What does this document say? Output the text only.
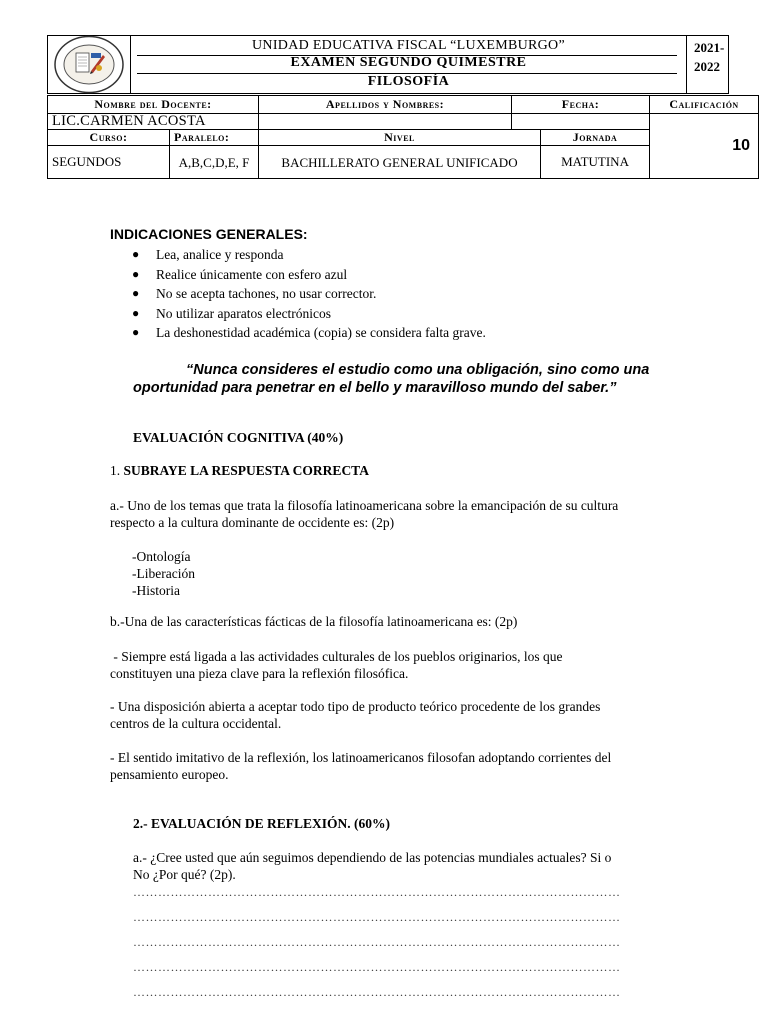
UNIDAD EDUCATIVA FISCAL “LUXEMBURGO”
EXAMEN SEGUNDO QUIMESTRE
FILOSOFÍA
2021-
2022
Nombre del Docente:		Apellidos y Nombres:	Fecha:		Calificación
LIC.CARMEN ACOSTA					10
Curso:	Paralelo:	Nivel		Jornada	
SEGUNDOS	A,B,C,D,E, F	BACHILLERATO GENERAL UNIFICADO		MATUTINA	
INDICACIONES GENERALES:
● Lea, analice y responda
● Realice únicamente con esfero azul
● No se acepta tachones, no usar corrector.
● No utilizar aparatos electrónicos
● La deshonestidad académica (copia) se considera falta grave.
“Nunca consideres el estudio como una obligación, sino como una
oportunidad para penetrar en el bello y maravilloso mundo del saber.”
EVALUACIÓN COGNITIVA (40%)
1. SUBRAYE LA RESPUESTA CORRECTA

a.- Uno de los temas que trata la filosofía latinoamericana sobre la emancipación de su cultura

respecto a la cultura dominante de occidente es: (2p)

-Ontología

-Liberación

-Historia

b.-Una de las características fácticas de la filosofía latinoamericana es: (2p)

- Siempre está ligada a las actividades culturales de los pueblos originarios, los que

constituyen una pieza clave para la reflexión filosófica.

- Una disposición abierta a aceptar todo tipo de producto teórico procedente de los grandes

centros de la cultura occidental.

- El sentido imitativo de la reflexión, los latinoamericanos filosofan adoptando corrientes del

pensamiento europeo.

2.- EVALUACIÓN DE REFLEXIÓN. (60%)

a.- ¿Cree usted que aún seguimos dependiendo de las potencias mundiales actuales? Si o

No ¿Por qué? (2p).

………………………………………………………………………………………………………
………………………………………………………………………………………………………
………………………………………………………………………………………………………
………………………………………………………………………………………………………
………………………………………………………………………………………………………
